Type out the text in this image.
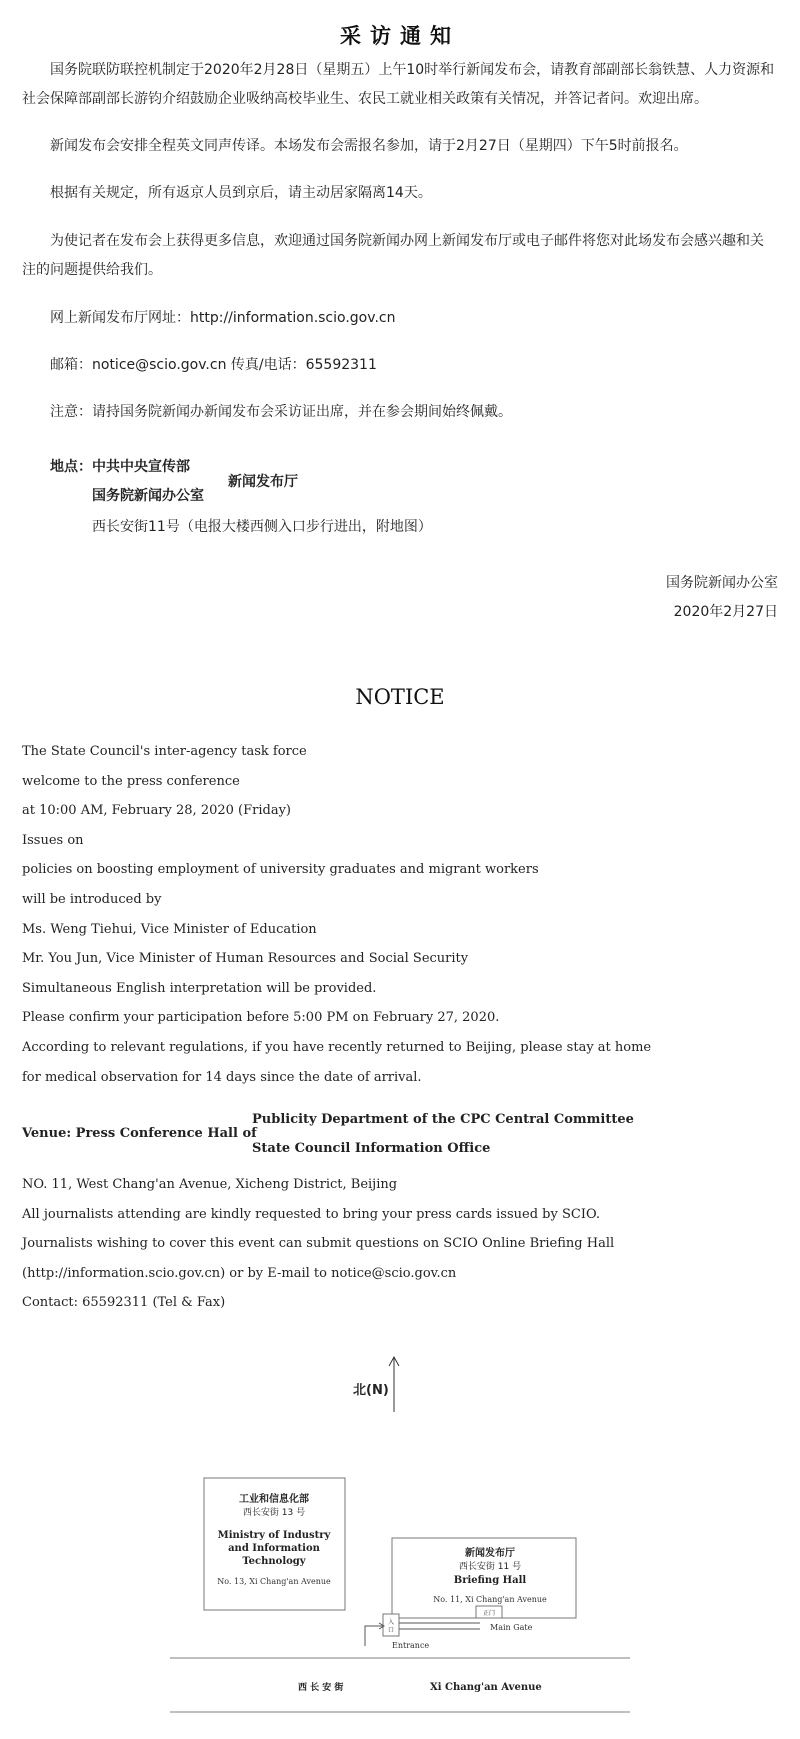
采访通知

国务院联防联控机制定于2020年2月28日（星期五）上午10时举行新闻发布会，请教育部副部长翁铁慧、人力资源和社会保障部副部长游钧介绍鼓励企业吸纳高校毕业生、农民工就业相关政策有关情况，并答记者问。欢迎出席。

新闻发布会安排全程英文同声传译。本场发布会需报名参加，请于2月27日（星期四）下午5时前报名。

根据有关规定，所有返京人员到京后，请主动居家隔离14天。

为使记者在发布会上获得更多信息，欢迎通过国务院新闻办网上新闻发布厅或电子邮件将您对此场发布会感兴趣和关注的问题提供给我们。

网上新闻发布厅网址：http://information.scio.gov.cn

邮箱：notice@scio.gov.cn 传真/电话：65592311

注意：请持国务院新闻办新闻发布会采访证出席，并在参会期间始终佩戴。

地点： 中共中央宣传部
国务院新闻办公室
新闻发布厅
西长安街11号（电报大楼西侧入口步行进出，附地图）
国务院新闻办公室
2020年2月27日
NOTICE
The State Council's inter-agency task force
welcome to the press conference
at 10:00 AM, February 28, 2020 (Friday)
Issues on
policies on boosting employment of university graduates and migrant workers
will be introduced by
Ms. Weng Tiehui, Vice Minister of Education
Mr. You Jun, Vice Minister of Human Resources and Social Security
Simultaneous English interpretation will be provided.
Please confirm your participation before 5:00 PM on February 27, 2020.
According to relevant regulations, if you have recently returned to Beijing, please stay at home
for medical observation for 14 days since the date of arrival.
Venue: Press Conference Hall of
Publicity Department of the CPC Central Committee
State Council Information Office
NO. 11, West Chang'an Avenue, Xicheng District, Beijing
All journalists attending are kindly requested to bring your press cards issued by SCIO.
Journalists wishing to cover this event can submit questions on SCIO Online Briefing Hall
(http://information.scio.gov.cn) or by E-mail to notice@scio.gov.cn
Contact: 65592311 (Tel & Fax)
北(N)
工业和信息化部
西长安街 13 号
Ministry of Industry
and Information
Technology
No. 13, Xi Chang'an Avenue
新闻发布厅
西长安街 11 号
Briefing Hall
No. 11, Xi Chang'an Avenue
正门
Main Gate
入
口
Entrance
西 长 安 街	Xi Chang'an Avenue
